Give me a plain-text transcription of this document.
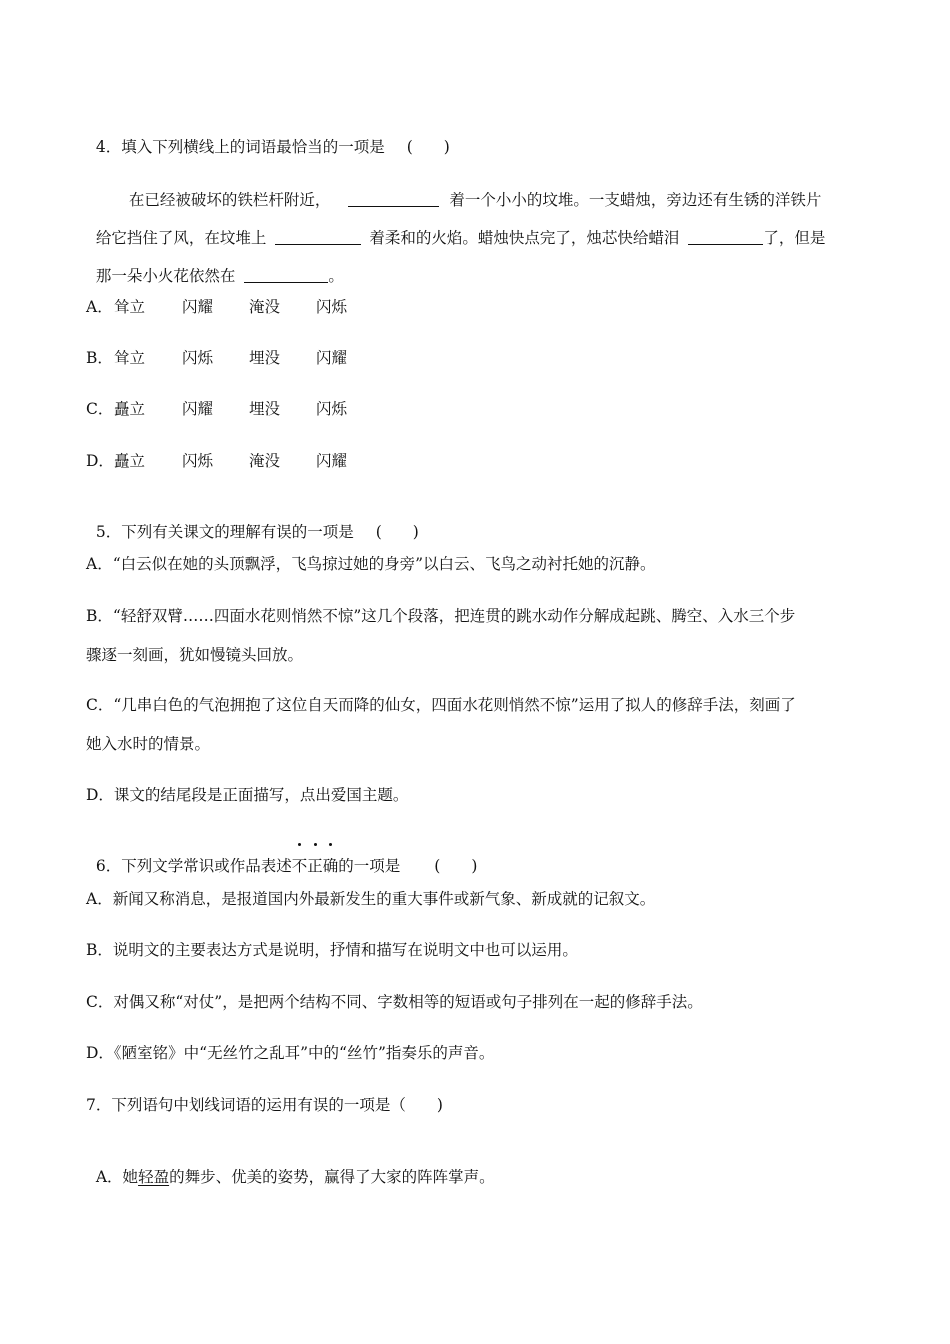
4．填入下列横线上的词语最恰当的一项是 (　　)

在已经被破坏的铁栏杆附近，	着一个小小的坟堆。一支蜡烛，旁边还有生锈的洋铁片

给它挡住了风，在坟堆上	着柔和的火焰。蜡烛快点完了，烛芯快给蜡泪	了，但是

那一朵小火花依然在	。

A．耸立 闪耀 淹没 闪烁
B．耸立 闪烁 埋没 闪耀
C．矗立 闪耀 埋没 闪烁
D．矗立 闪烁 淹没 闪耀

5．下列有关课文的理解有误的一项是 (　　)

A．“白云似在她的头顶飘浮，飞鸟掠过她的身旁”以白云、飞鸟之动衬托她的沉静。
B．“轻舒双臂……四面水花则悄然不惊”这几个段落，把连贯的跳水动作分解成起跳、腾空、入水三个步
骤逐一刻画，犹如慢镜头回放。
C．“几串白色的气泡拥抱了这位自天而降的仙女，四面水花则悄然不惊”运用了拟人的修辞手法，刻画了
她入水时的情景。
D．课文的结尾段是正面描写，点出爱国主题。

6．下列文学常识或作品表述
不
正
确的一项是 (　　)

A．新闻又称消息，是报道国内外最新发生的重大事件或新气象、新成就的记叙文。
B．说明文的主要表达方式是说明，抒情和描写在说明文中也可以运用。
C．对偶又称“对仗”，是把两个结构不同、字数相等的短语或句子排列在一起的修辞手法。
D．《陋室铭》中“无丝竹之乱耳”中的“丝竹”指奏乐的声音。
7．下列语句中划线词语的运用有误的一项是（　　)

A．她轻盈的舞步、优美的姿势，赢得了大家的阵阵掌声。
